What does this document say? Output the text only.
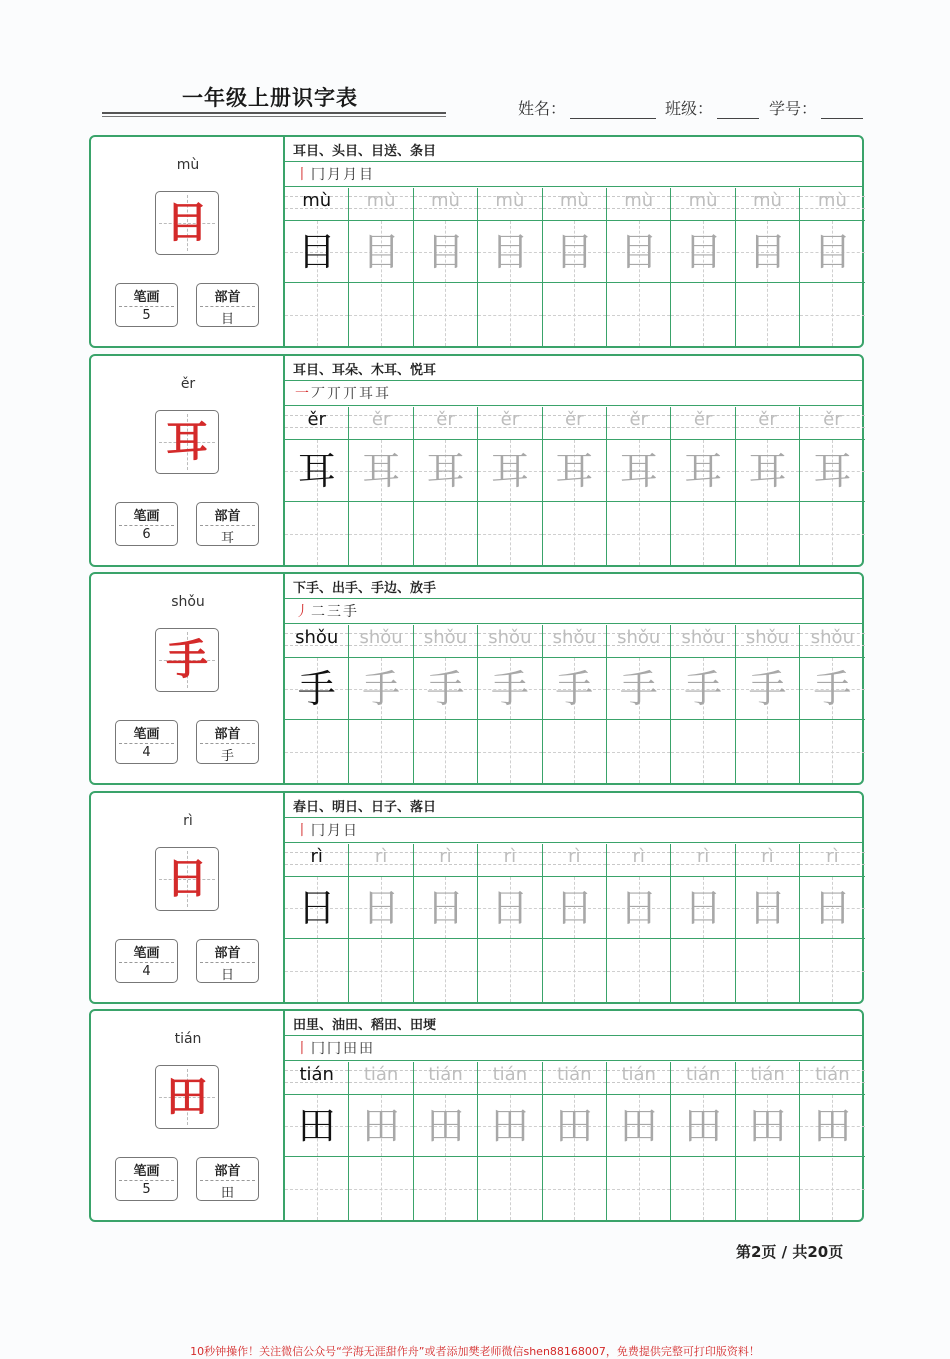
一年级上册识字表	姓名：	班级：	学号：
mù
目
笔画
5
部首
目
耳目、头目、目送、条目
丨冂月月目
mù
目
mù
目
mù
目
mù
目
mù
目
mù
目
mù
目
mù
目
mù
目
ěr
耳
笔画
6
部首
耳
耳目、耳朵、木耳、悦耳
一丆丌丌耳耳
ěr
耳
ěr
耳
ěr
耳
ěr
耳
ěr
耳
ěr
耳
ěr
耳
ěr
耳
ěr
耳
shǒu
手
笔画
4
部首
手
下手、出手、手边、放手
丿二三手
shǒu
手
shǒu
手
shǒu
手
shǒu
手
shǒu
手
shǒu
手
shǒu
手
shǒu
手
shǒu
手
rì
日
笔画
4
部首
日
春日、明日、日子、落日
丨冂月日
rì
日
rì
日
rì
日
rì
日
rì
日
rì
日
rì
日
rì
日
rì
日
tián
田
笔画
5
部首
田
田里、油田、稻田、田埂
丨冂冂田田
tián
田
tián
田
tián
田
tián
田
tián
田
tián
田
tián
田
tián
田
tián
田
第2页 / 共20页
10秒钟操作！关注微信公众号“学海无涯甜作舟”或者添加樊老师微信shen88168007，免费提供完整可打印版资料！
